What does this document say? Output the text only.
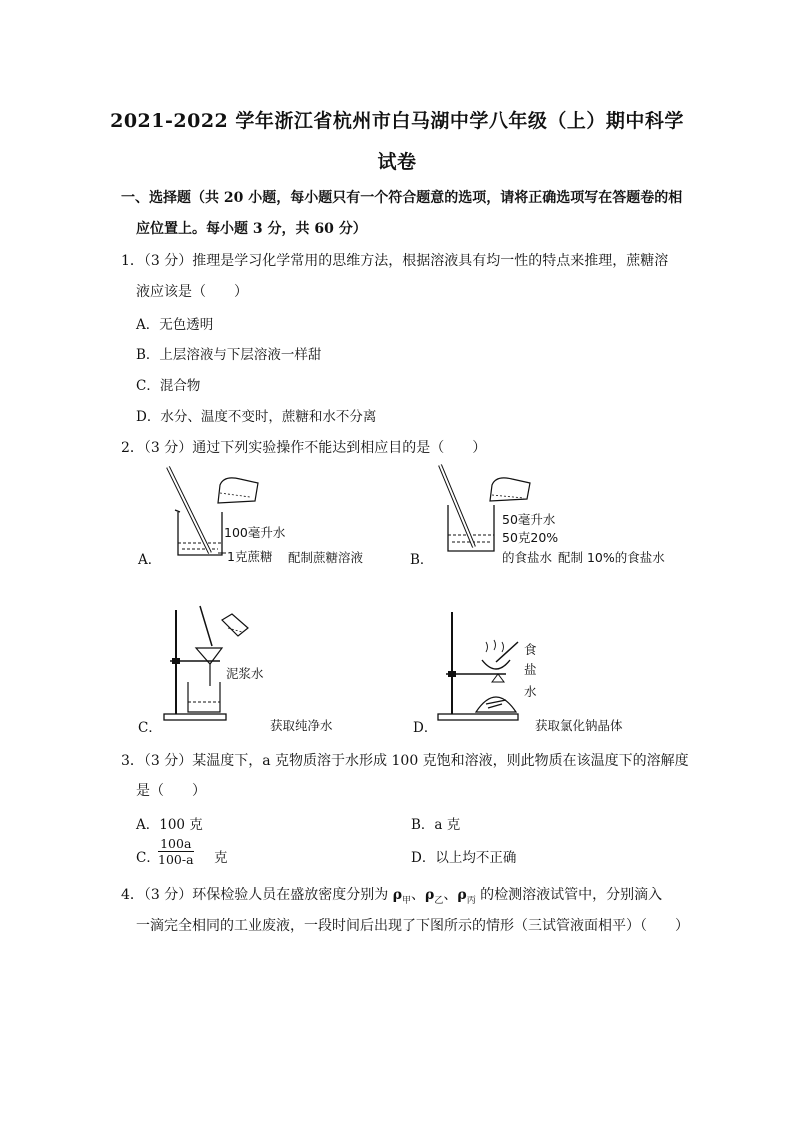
2021-2022 学年浙江省杭州市白马湖中学八年级（上）期中科学
试卷
一、选择题（共 20 小题，每小题只有一个符合题意的选项，请将正确选项写在答题卷的相
应位置上。每小题 3 分，共 60 分）
1．（3 分）推理是学习化学常用的思维方法，根据溶液具有均一性的特点来推理，蔗糖溶
液应该是（　　）
A．无色透明
B．上层溶液与下层溶液一样甜
C．混合物
D．水分、温度不变时，蔗糖和水不分离
2．（3 分）通过下列实验操作不能达到相应目的是（　　）
A．
100毫升水
1克蔗糖 配制蔗糖溶液	B．
50毫升水
50克20%
的食盐水 配制 10%的食盐水
C．
泥浆水
获取纯净水	D．
食
盐
水
获取氯化钠晶体
3．（3 分）某温度下，a 克物质溶于水形成 100 克饱和溶液，则此物质在该温度下的溶解度
是（　　）
A．100 克	B．a 克
C．
$\frac{100a}{100-a}$ 克	D．以上均不正确
4．（3 分）环保检验人员在盛放密度分别为 $\rho_甲$、$\rho_乙$、$\rho_丙$ 的检测溶液试管中，分别滴入
一滴完全相同的工业废液，一段时间后出现了下图所示的情形（三试管液面相平）（　　）
